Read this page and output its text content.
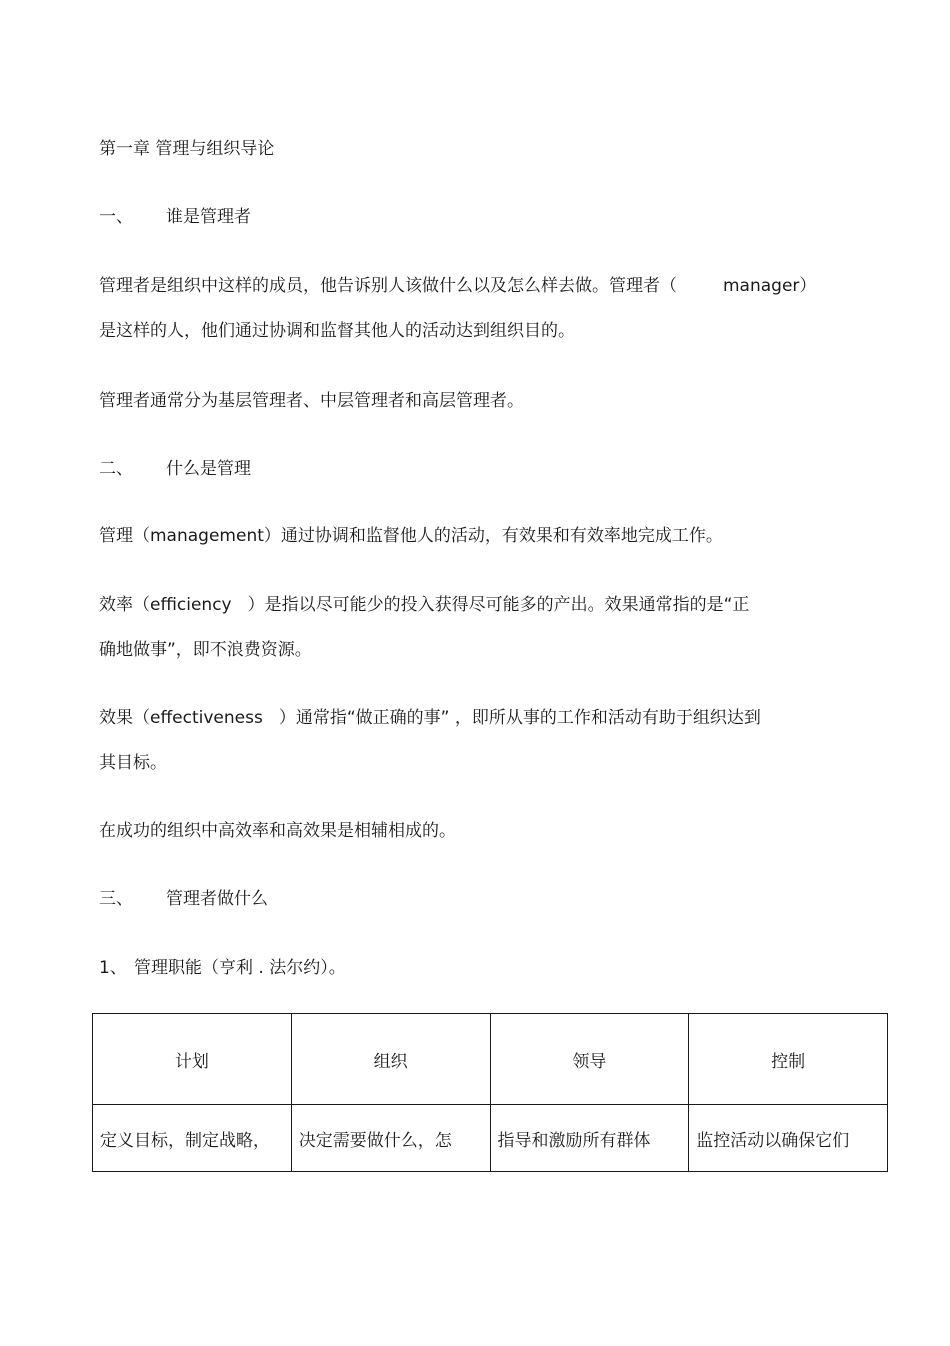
第一章 管理与组织导论
一、 谁是管理者
管理者是组织中这样的成员，他告诉别人该做什么以及怎么样去做。管理者（	manager）
是这样的人，他们通过协调和监督其他人的活动达到组织目的。
管理者通常分为基层管理者、中层管理者和高层管理者。
二、 什么是管理
管理（management）通过协调和监督他人的活动，有效果和有效率地完成工作。
效率（efficiency ）是指以尽可能少的投入获得尽可能多的产出。效果通常指的是“正
确地做事”，即不浪费资源。
效果（effectiveness ）通常指“做正确的事” ，即所从事的工作和活动有助于组织达到
其目标。
在成功的组织中高效率和高效果是相辅相成的。
三、 管理者做什么
1、 管理职能（亨利 . 法尔约）。
计划	组织	领导	控制
定义目标，制定战略，	决定需要做什么，怎	指导和激励所有群体	监控活动以确保它们
